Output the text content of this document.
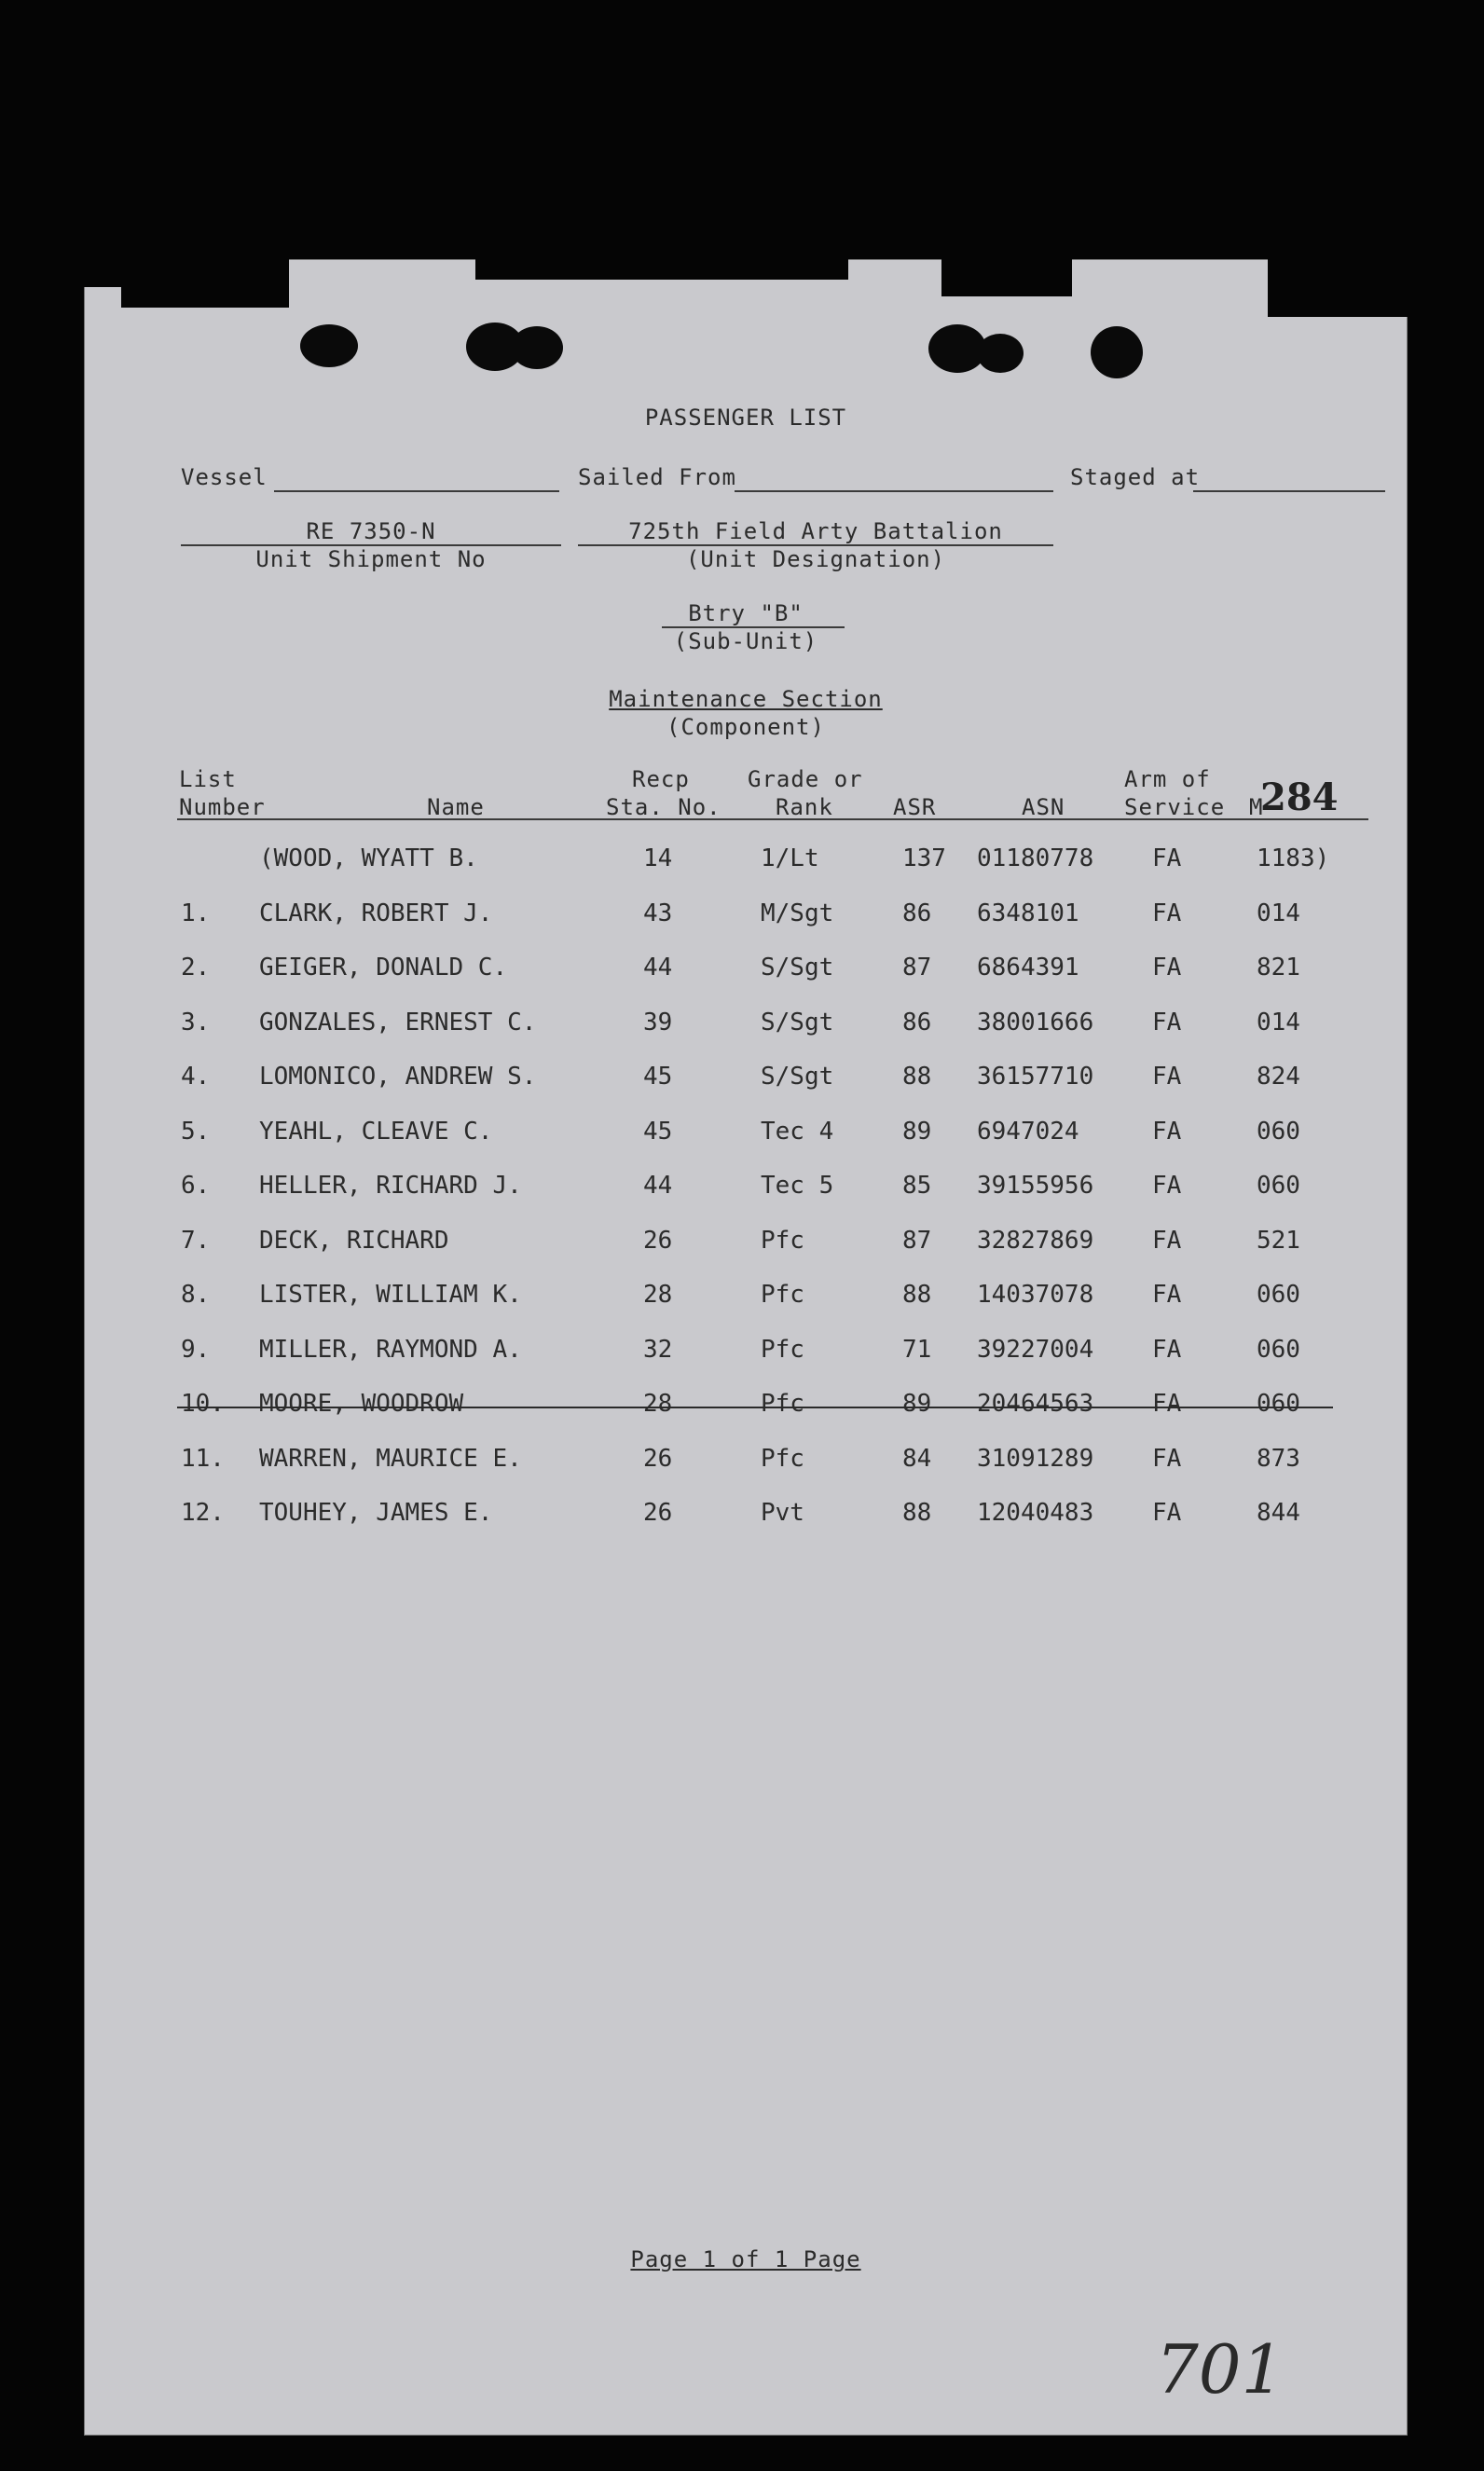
PASSENGER LIST
Vessel	Sailed From	Staged at
RE 7350-N
Unit Shipment No
725th Field Arty Battalion
(Unit Designation)
Btry "B"
(Sub-Unit)
Maintenance Section
(Component)
List
Number	Name
Recp
Sta. No.
Grade or
Rank	ASR	ASN
Arm of
Service M
284
(WOOD, WYATT B.	14	1/Lt	137 01180778 FA	1183)
1. CLARK, ROBERT J.	43	M/Sgt	86 6348101	FA	014
2. GEIGER, DONALD C.	44	S/Sgt	87 6864391	FA	821
3. GONZALES, ERNEST C.	39	S/Sgt	86 38001666 FA	014
4. LOMONICO, ANDREW S.	45	S/Sgt	88 36157710 FA	824
5. YEAHL, CLEAVE C.	45	Tec 4	89 6947024	FA	060
6. HELLER, RICHARD J.	44	Tec 5	85 39155956 FA	060
7. DECK, RICHARD	26	Pfc	87 32827869 FA	521
8. LISTER, WILLIAM K.	28	Pfc	88 14037078 FA	060
9. MILLER, RAYMOND A.	32	Pfc	71 39227004 FA	060
10. MOORE, WOODROW	28	Pfc	89 20464563 FA	060
11. WARREN, MAURICE E.	26	Pfc	84 31091289 FA	873
12. TOUHEY, JAMES E.	26	Pvt	88 12040483 FA	844
Page 1 of 1 Page
701
